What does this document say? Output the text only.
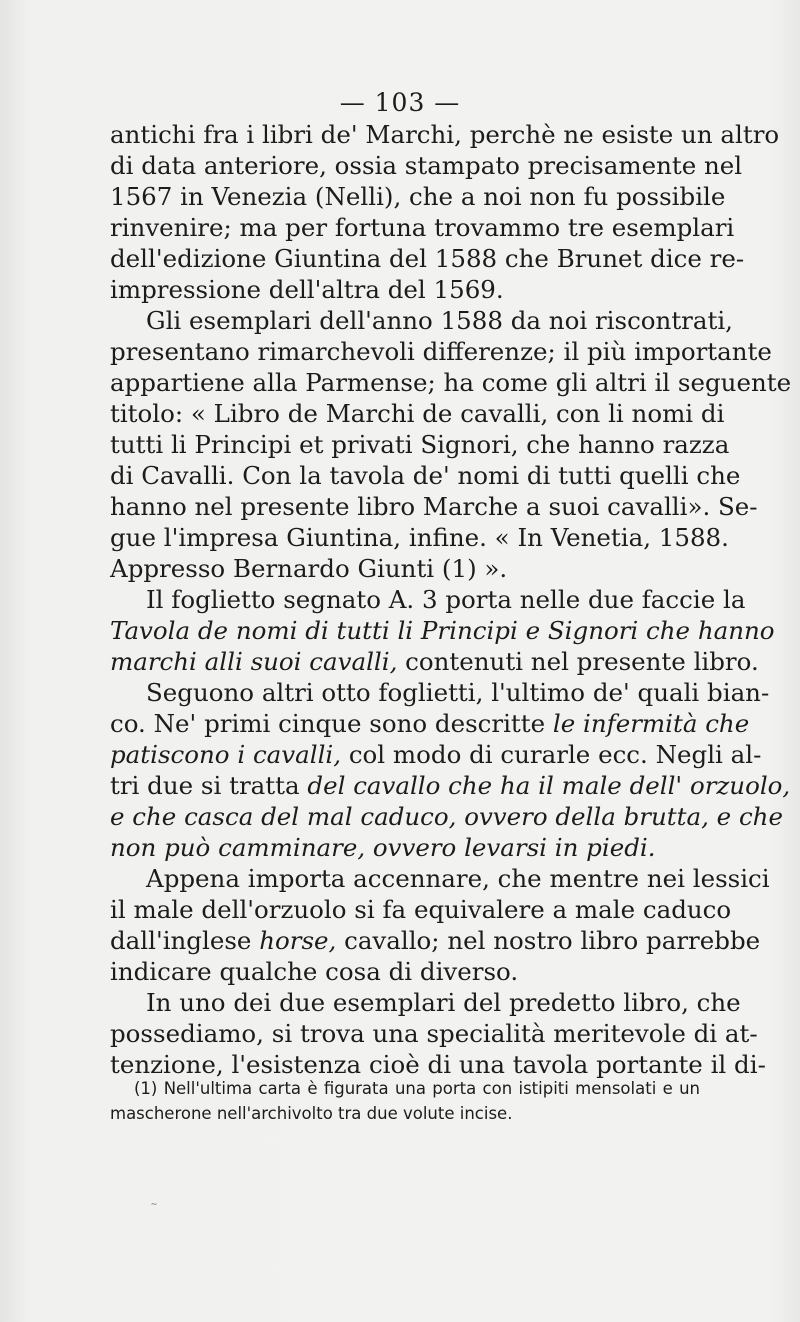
— 103 —
antichi fra i libri de' Marchi, perchè ne esiste un altro
di data anteriore, ossia stampato precisamente nel
1567 in Venezia (Nelli), che a noi non fu possibile
rinvenire; ma per fortuna trovammo tre esemplari
dell'edizione Giuntina del 1588 che Brunet dice re-
impressione dell'altra del 1569.
Gli esemplari dell'anno 1588 da noi riscontrati,
presentano rimarchevoli differenze; il più importante
appartiene alla Parmense; ha come gli altri il seguente
titolo: « Libro de Marchi de cavalli, con li nomi di
tutti li Principi et privati Signori, che hanno razza
di Cavalli. Con la tavola de' nomi di tutti quelli che
hanno nel presente libro Marche a suoi cavalli». Se-
gue l'impresa Giuntina, infine. « In Venetia, 1588.
Appresso Bernardo Giunti (1) ».
Il foglietto segnato A. 3 porta nelle due faccie la
Tavola de nomi di tutti li Principi e Signori che hanno
marchi alli suoi cavalli, contenuti nel presente libro.
Seguono altri otto foglietti, l'ultimo de' quali bian-
co. Ne' primi cinque sono descritte le infermità che
patiscono i cavalli, col modo di curarle ecc. Negli al-
tri due si tratta del cavallo che ha il male dell' orzuolo,
e che casca del mal caduco, ovvero della brutta, e che
non può camminare, ovvero levarsi in piedi.
Appena importa accennare, che mentre nei lessici
il male dell'orzuolo si fa equivalere a male caduco
dall'inglese horse, cavallo; nel nostro libro parrebbe
indicare qualche cosa di diverso.
In uno dei due esemplari del predetto libro, che
possediamo, si trova una specialità meritevole di at-
tenzione, l'esistenza cioè di una tavola portante il di-
(1) Nell'ultima carta è figurata una porta con istipiti mensolati e un
mascherone nell'archivolto tra due volute incise.
˜
